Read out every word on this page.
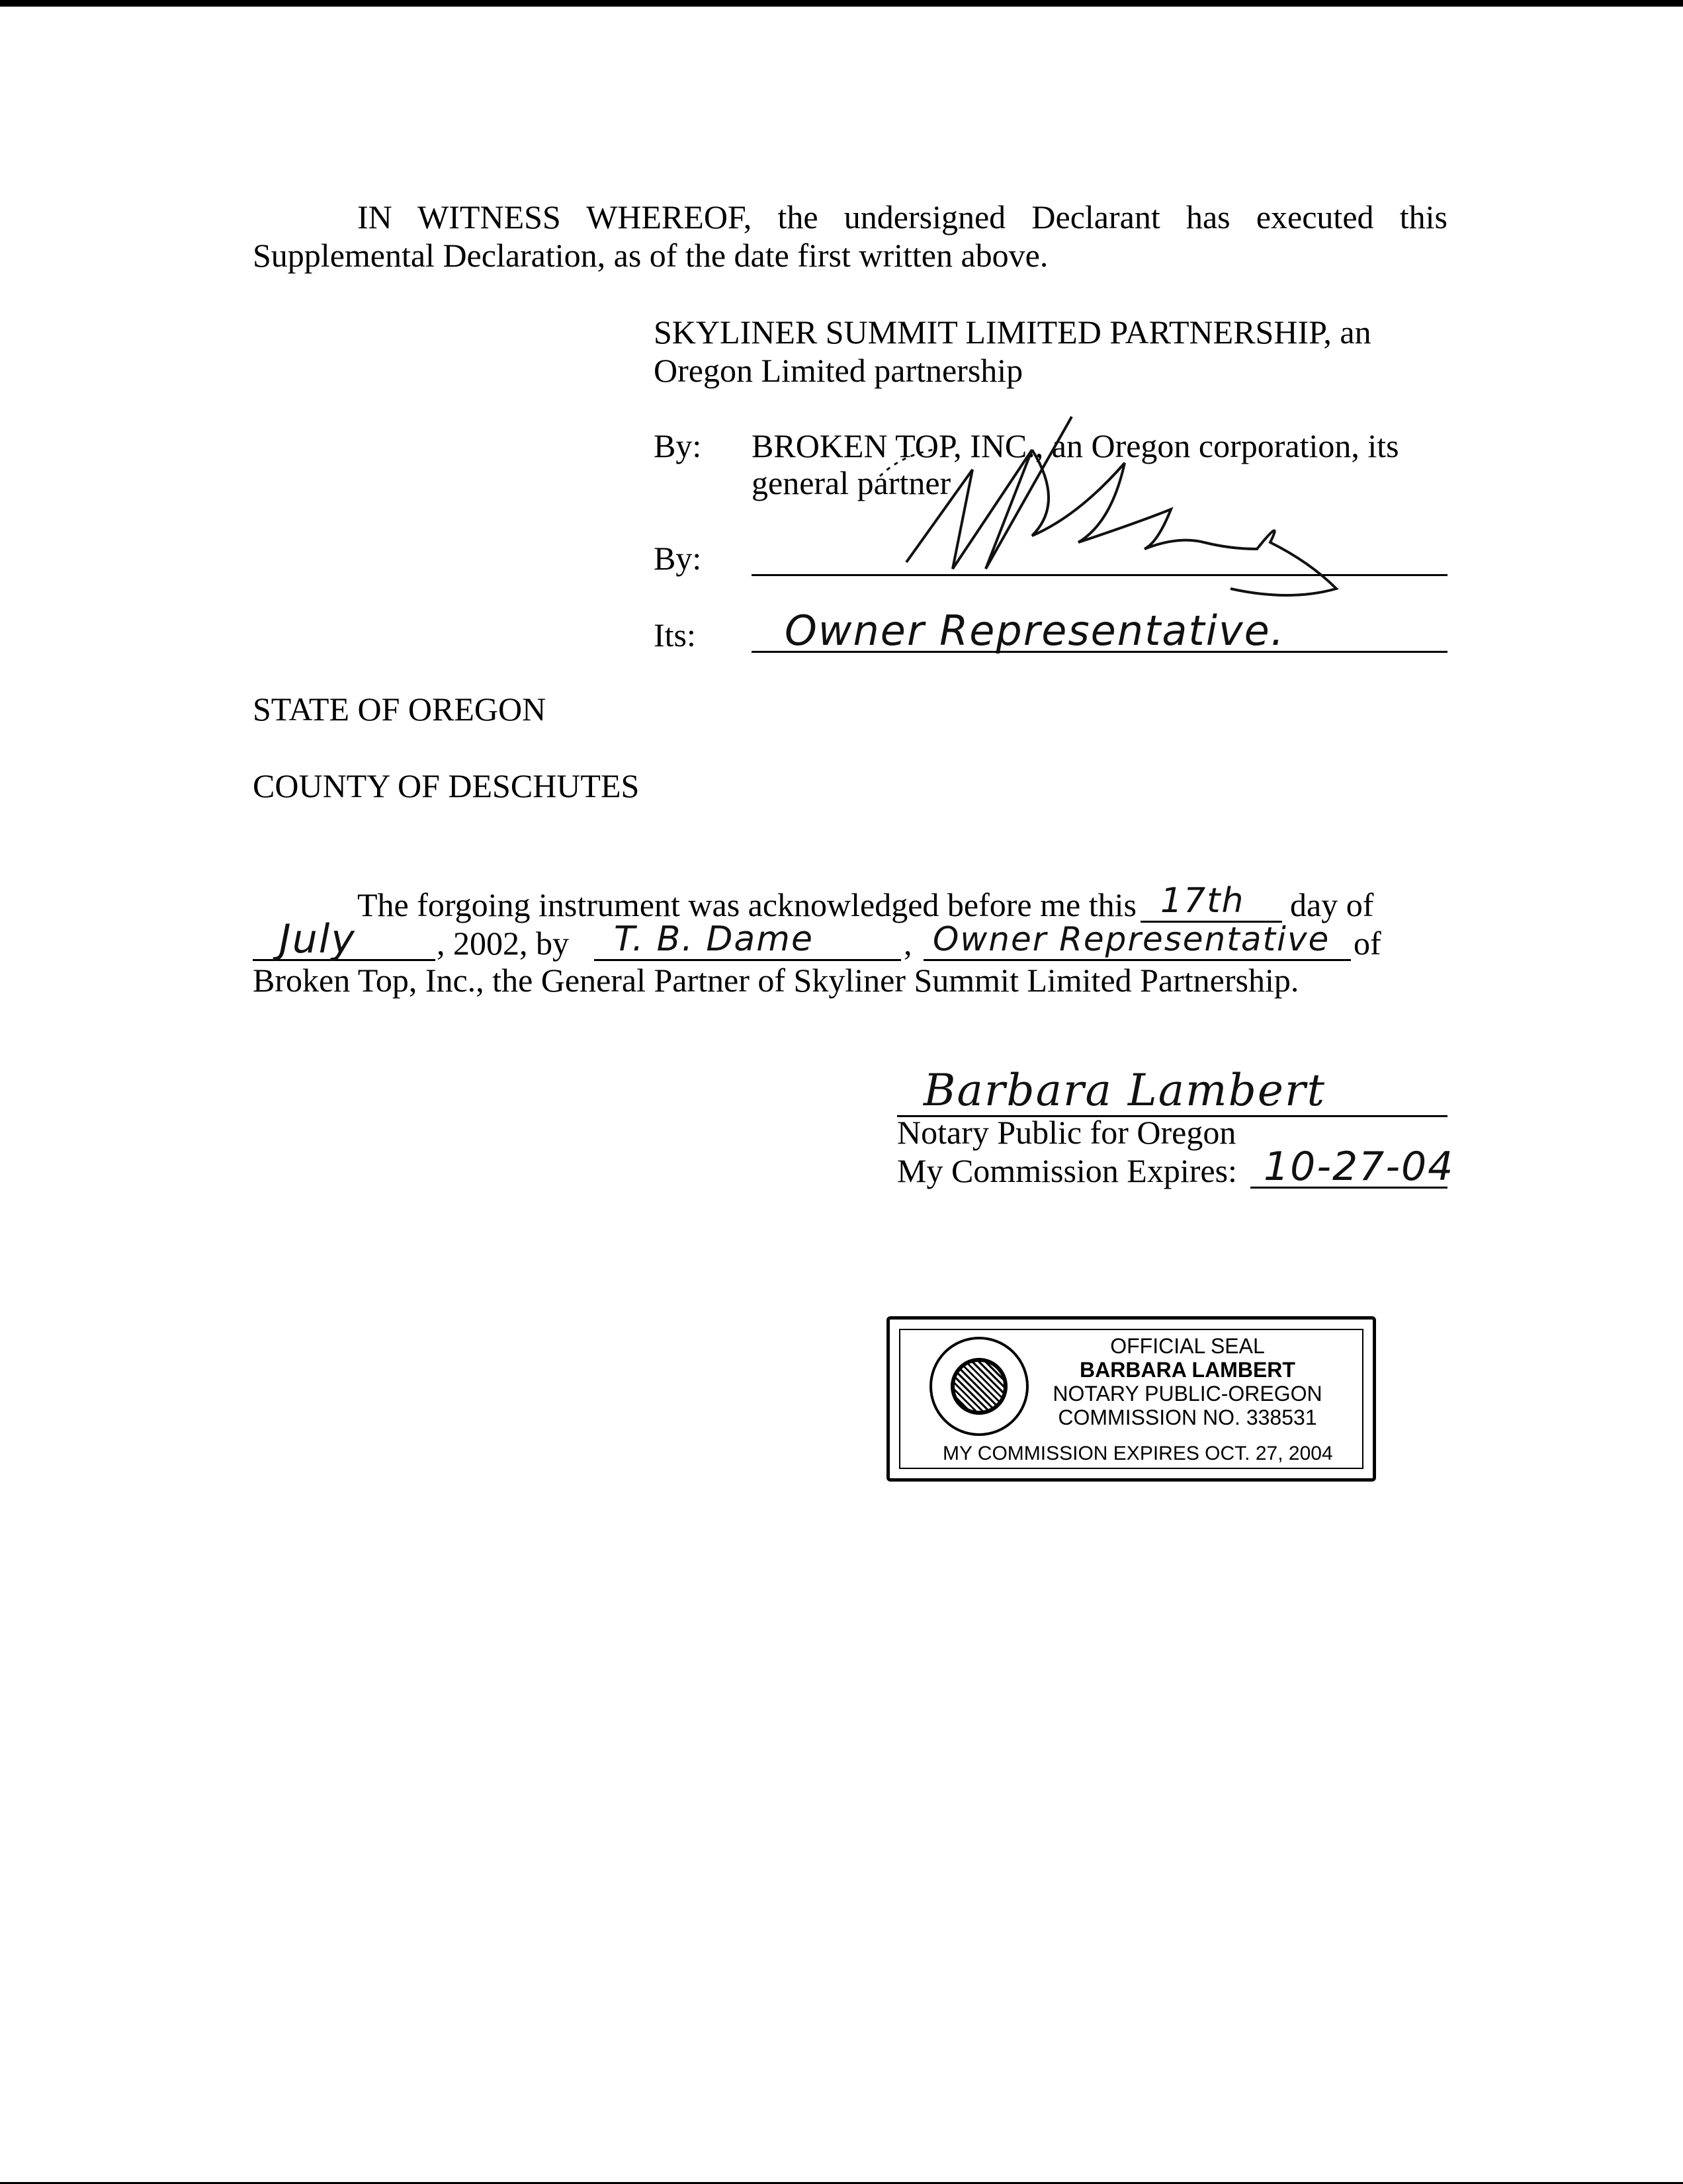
IN WITNESS WHEREOF, the undersigned Declarant has executed this
Supplemental Declaration, as of the date first written above.
SKYLINER SUMMIT LIMITED PARTNERSHIP, an
Oregon Limited partnership
By: BROKEN TOP, INC., an Oregon corporation, its
general partner
By:
Its: Owner Representative.
STATE OF OREGON
COUNTY OF DESCHUTES
The forgoing instrument was acknowledged before me this 17th day of
July , 2002, by T. B. Dame	, Owner Representative of
Broken Top, Inc., the General Partner of Skyliner Summit Limited Partnership.
Barbara Lambert
Notary Public for Oregon
My Commission Expires: 10-27-04
OFFICIAL SEAL
BARBARA LAMBERT
NOTARY PUBLIC-OREGON
COMMISSION NO. 338531
MY COMMISSION EXPIRES OCT. 27, 2004
